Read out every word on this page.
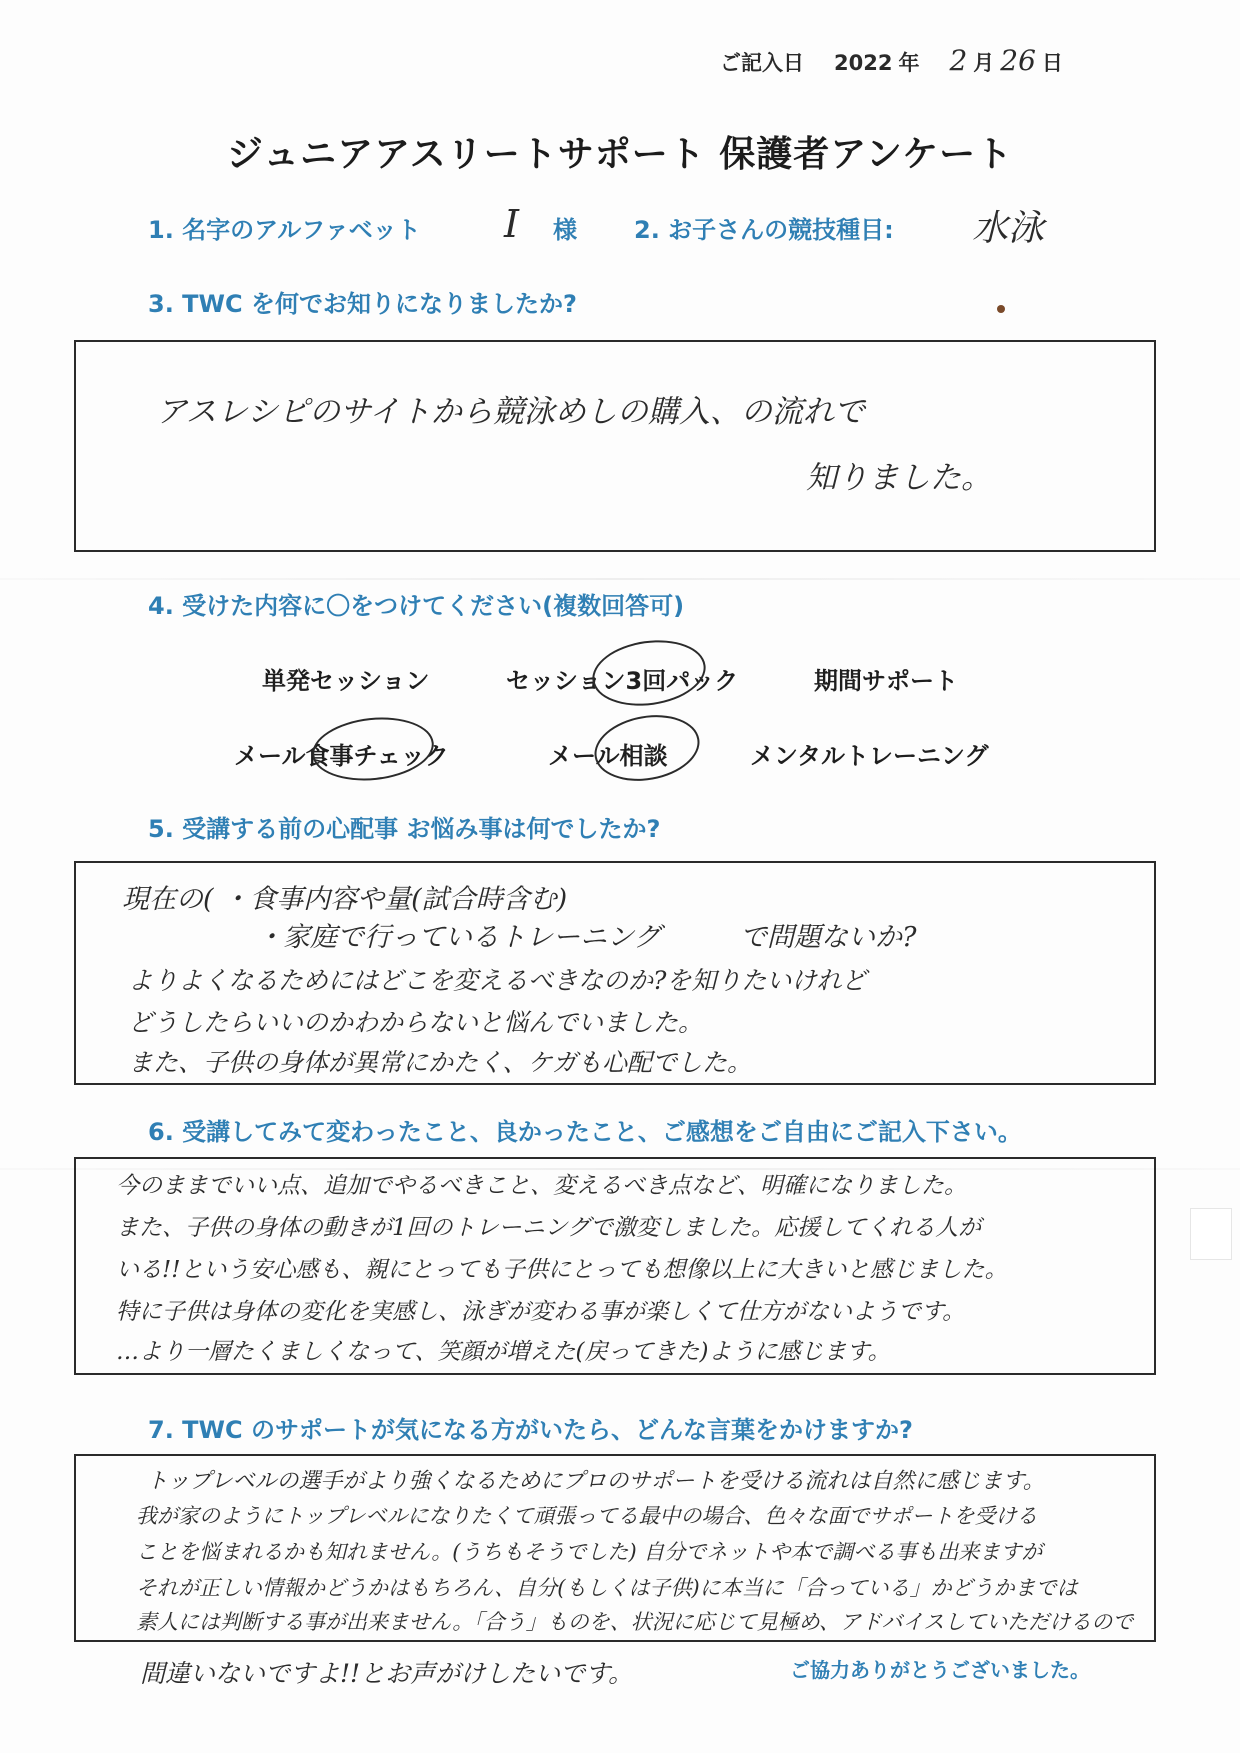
ご記入日 2022 年 2 月 26 日
ジュニアアスリートサポート 保護者アンケート
1. 名字のアルファベット I 様 2. お子さんの競技種目: 水泳
3. TWC を何でお知りになりましたか?
アスレシピのサイトから競泳めしの購入、の流れで
知りました。
4. 受けた内容に〇をつけてください(複数回答可)
単発セッション	セッション3回パック	期間サポート
メール食事チェック	メール相談	メンタルトレーニング
5. 受講する前の心配事 お悩み事は何でしたか?
現在の( ・食事内容や量(試合時含む)
・家庭で行っているトレーニング	で問題ないか?
よりよくなるためにはどこを変えるべきなのか?を知りたいけれど
どうしたらいいのかわからないと悩んでいました。
また、子供の身体が異常にかたく、ケガも心配でした。
6. 受講してみて変わったこと、良かったこと、ご感想をご自由にご記入下さい。
今のままでいい点、追加でやるべきこと、変えるべき点など、明確になりました。
また、子供の身体の動きが1回のトレーニングで激変しました。応援してくれる人が
いる!!という安心感も、親にとっても子供にとっても想像以上に大きいと感じました。
特に子供は身体の変化を実感し、泳ぎが変わる事が楽しくて仕方がないようです。
…より一層たくましくなって、笑顔が増えた(戻ってきた)ように感じます。
7. TWC のサポートが気になる方がいたら、どんな言葉をかけますか?
トップレベルの選手がより強くなるためにプロのサポートを受ける流れは自然に感じます。
我が家のようにトップレベルになりたくて頑張ってる最中の場合、色々な面でサポートを受ける
ことを悩まれるかも知れません。(うちもそうでした) 自分でネットや本で調べる事も出来ますが
それが正しい情報かどうかはもちろん、自分(もしくは子供)に本当に「合っている」かどうかまでは
素人には判断する事が出来ません。「合う」ものを、状況に応じて見極め、アドバイスしていただけるので
間違いないですよ!!とお声がけしたいです。	ご協力ありがとうございました。
